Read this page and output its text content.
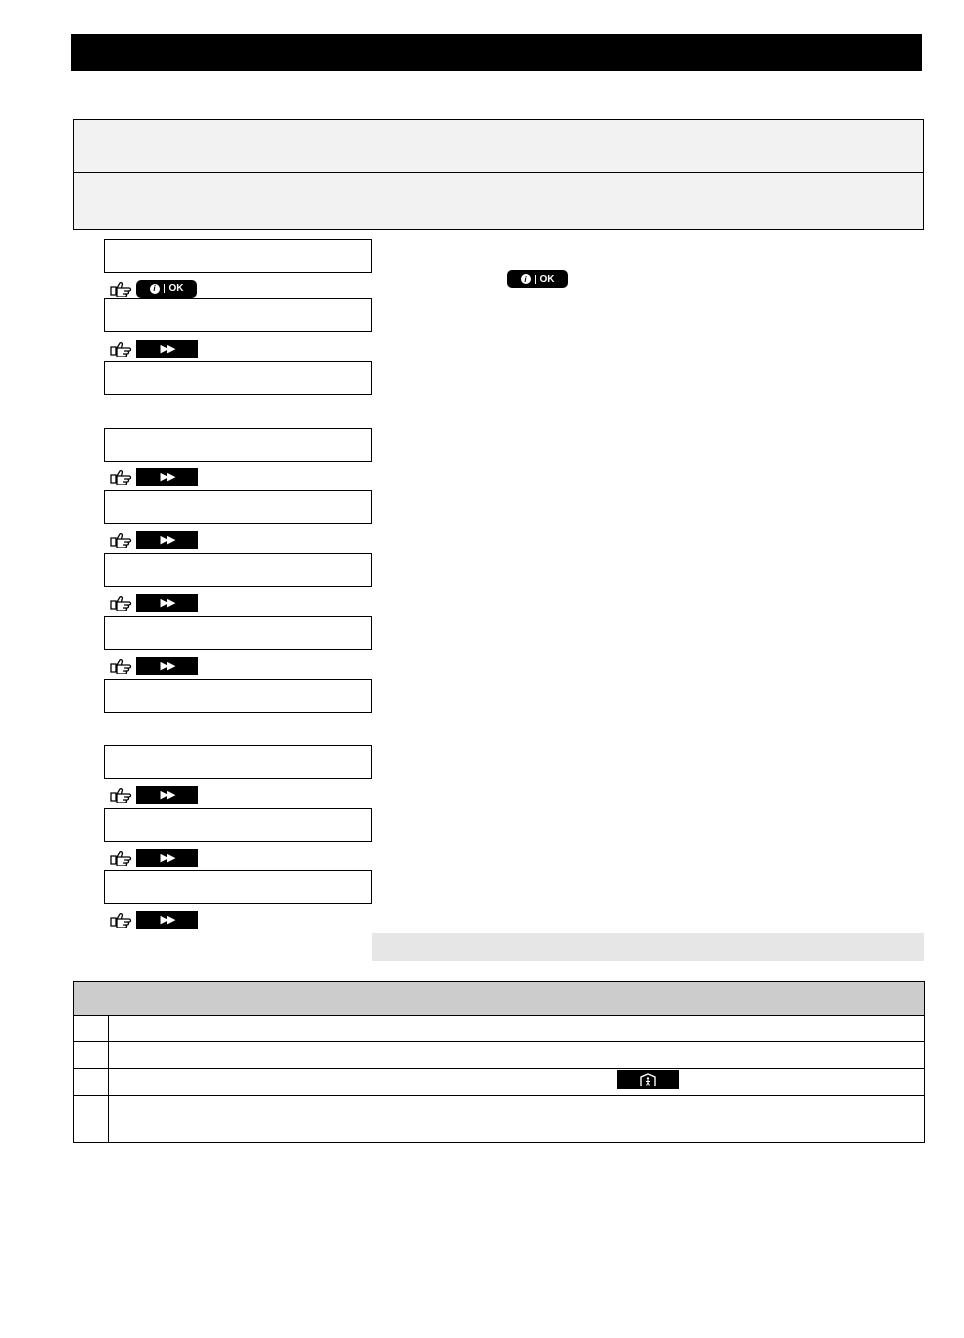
i	OK
▶▶
▶▶
▶▶
▶▶
▶▶
▶▶
▶▶
▶▶
i	OK
